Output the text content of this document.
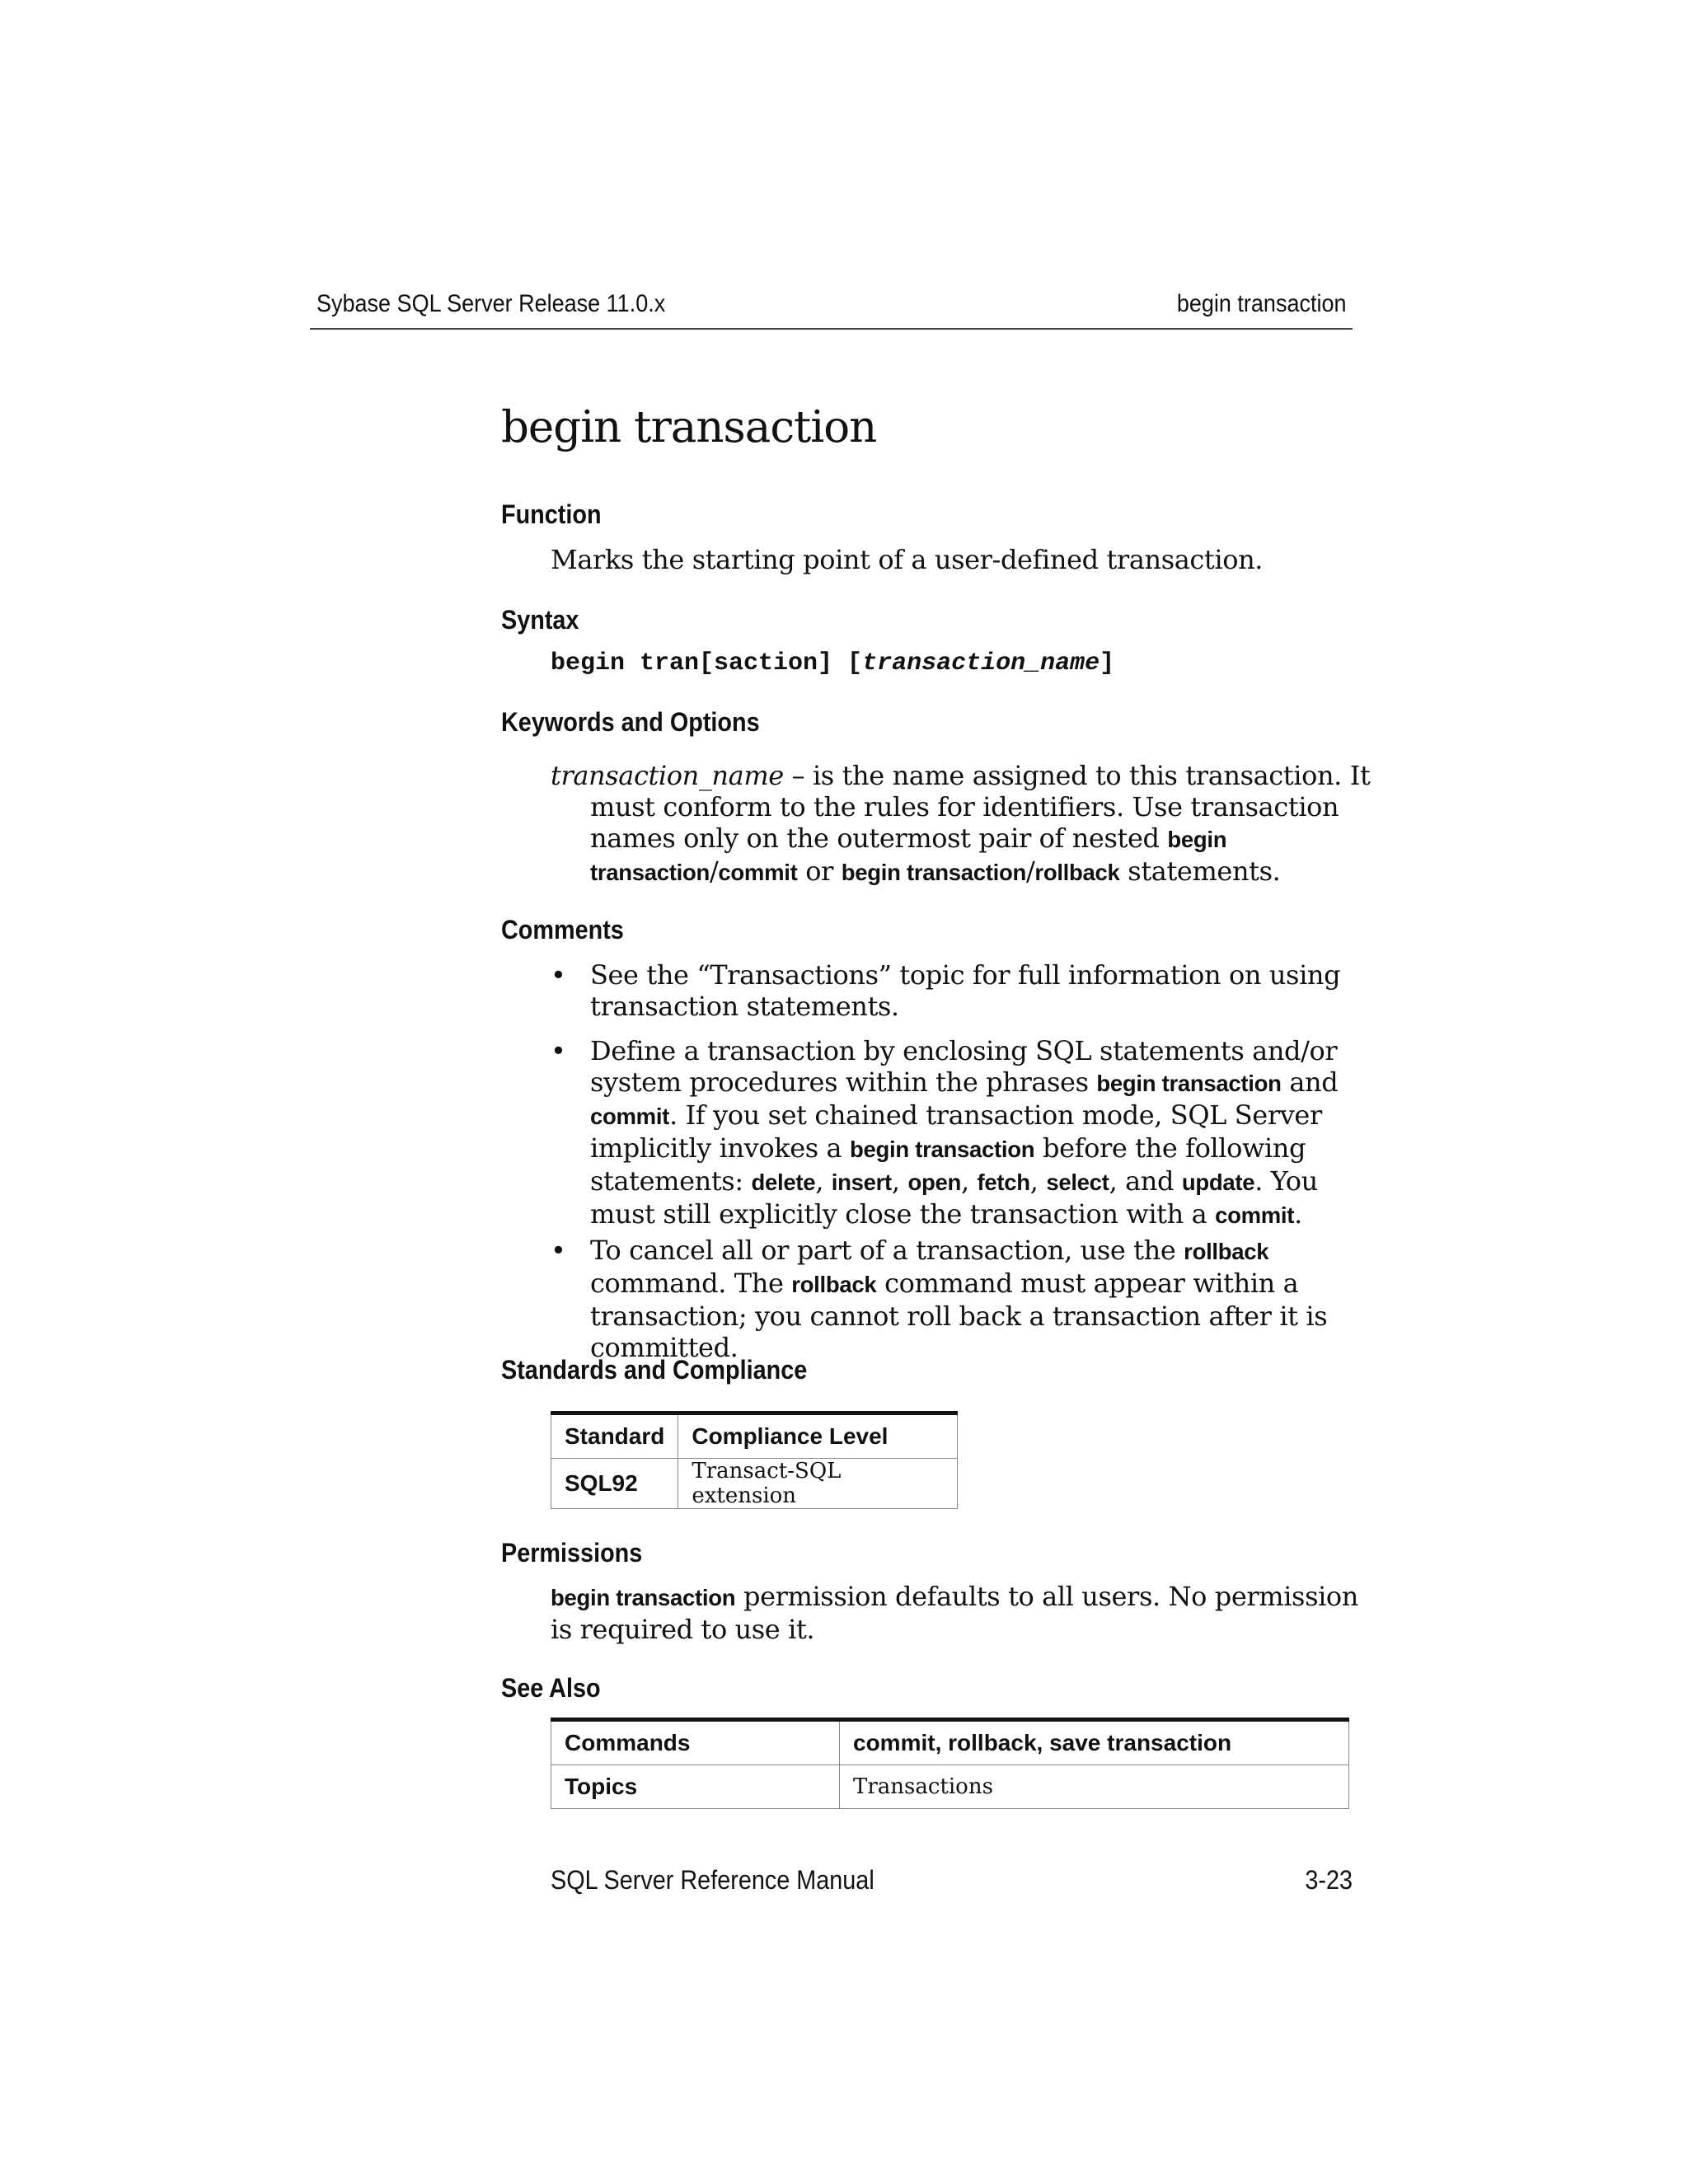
Sybase SQL Server Release 11.0.x	begin transaction
begin transaction
Function
Marks the starting point of a user-defined transaction.
Syntax
begin tran[saction] [transaction_name]
Keywords and Options
transaction_name – is the name assigned to this transaction. It must conform to the rules for identifiers. Use transaction names only on the outermost pair of nested begin transaction/commit or begin transaction/rollback statements.
Comments
• See the “Transactions” topic for full information on using transaction statements.
• Define a transaction by enclosing SQL statements and/or system procedures within the phrases begin transaction and commit. If you set chained transaction mode, SQL Server implicitly invokes a begin transaction before the following statements: delete, insert, open, fetch, select, and update. You must still explicitly close the transaction with a commit.
• To cancel all or part of a transaction, use the rollback command. The rollback command must appear within a transaction; you cannot roll back a transaction after it is committed.
Standards and Compliance
Standard	Compliance Level
SQL92	Transact-SQL extension
Permissions
begin transaction permission defaults to all users. No permission is required to use it.
See Also
Commands	commit, rollback, save transaction
Topics	Transactions
SQL Server Reference Manual	3-23
